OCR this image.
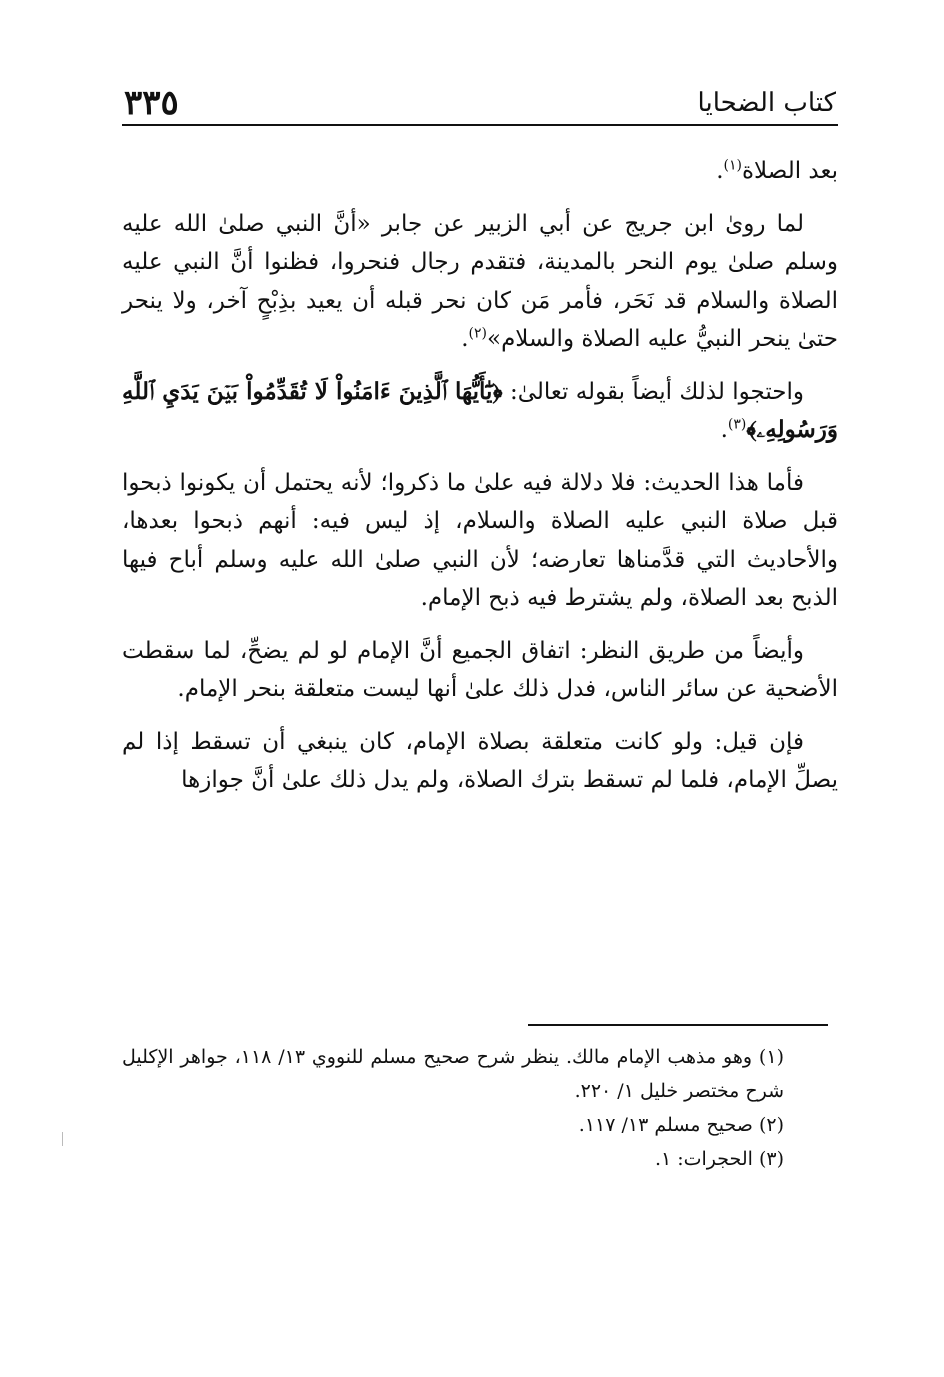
٣٣٥	كتاب الضحايا

بعد الصلاة$^{(١)}$.

لما رویٰ ابن جريج عن أبي الزبير عن جابر «أنَّ النبي صلىٰ الله عليه وسلم صلىٰ يوم النحر بالمدينة، فتقدم رجال فنحروا، فظنوا أنَّ النبي عليه الصلاة والسلام قد نَحَر، فأمر مَن كان نحر قبله أن يعيد بذِبْحٍ آخر، ولا ينحر حتىٰ ينحر النبيُّ عليه الصلاة والسلام»$^{(٢)}$.

واحتجوا لذلك أيضاً بقوله تعالىٰ: ﴿يَٰٓأَيُّهَا ٱلَّذِينَ ءَامَنُواْ لَا تُقَدِّمُواْ بَيۡنَ يَدَيِ ٱللَّهِ وَرَسُولِهِۦ﴾$^{(٣)}$.

فأما هذا الحديث: فلا دلالة فيه علىٰ ما ذكروا؛ لأنه يحتمل أن يكونوا ذبحوا قبل صلاة النبي عليه الصلاة والسلام، إذ ليس فيه: أنهم ذبحوا بعدها، والأحاديث التي قدَّمناها تعارضه؛ لأن النبي صلىٰ الله عليه وسلم أباح فيها الذبح بعد الصلاة، ولم يشترط فيه ذبح الإمام.

وأيضاً من طريق النظر: اتفاق الجميع أنَّ الإمام لو لم يضحِّ، لما سقطت الأضحية عن سائر الناس، فدل ذلك علىٰ أنها ليست متعلقة بنحر الإمام.

فإن قيل: ولو كانت متعلقة بصلاة الإمام، كان ينبغي أن تسقط إذا لم يصلِّ الإمام، فلما لم تسقط بترك الصلاة، ولم يدل ذلك علىٰ أنَّ جوازها

(١) وهو مذهب الإمام مالك. ينظر شرح صحيح مسلم للنووي ١٣/ ١١٨، جواهر الإكليل شرح مختصر خليل ١/ ٢٢٠.

(٢) صحيح مسلم ١٣/ ١١٧.

(٣) الحجرات: ١.
